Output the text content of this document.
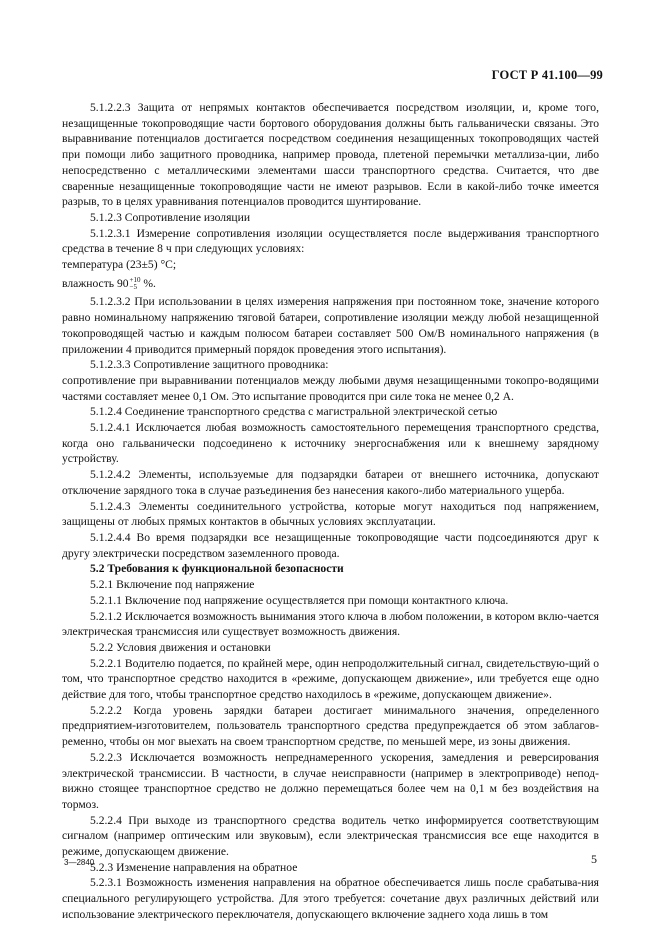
ГОСТ Р 41.100—99

5.1.2.2.3 Защита от непрямых контактов обеспечивается посредством изоляции, и, кроме того, незащищенные токопроводящие части бортового оборудования должны быть гальванически связаны. Это выравнивание потенциалов достигается посредством соединения незащищенных токопроводящих частей при помощи либо защитного проводника, например провода, плетеной перемычки металлиза-ции, либо непосредственно с металлическими элементами шасси транспортного средства. Считается, что две сваренные незащищенные токопроводящие части не имеют разрывов. Если в какой-либо точке имеется разрыв, то в целях уравнивания потенциалов проводится шунтирование.

5.1.2.3 Сопротивление изоляции

5.1.2.3.1 Измерение сопротивления изоляции осуществляется после выдерживания транспортного средства в течение 8 ч при следующих условиях:

температура (23±5) °С;

влажность 90 +10
−5 %.

5.1.2.3.2 При использовании в целях измерения напряжения при постоянном токе, значение которого равно номинальному напряжению тяговой батареи, сопротивление изоляции между любой незащищенной токопроводящей частью и каждым полюсом батареи составляет 500 Ом/В номинального напряжения (в приложении 4 приводится примерный порядок проведения этого испытания).

5.1.2.3.3 Сопротивление защитного проводника:

сопротивление при выравнивании потенциалов между любыми двумя незащищенными токопро-водящими частями составляет менее 0,1 Ом. Это испытание проводится при силе тока не менее 0,2 А.

5.1.2.4 Соединение транспортного средства с магистральной электрической сетью

5.1.2.4.1 Исключается любая возможность самостоятельного перемещения транспортного средства, когда оно гальванически подсоединено к источнику энергоснабжения или к внешнему зарядному устройству.

5.1.2.4.2 Элементы, используемые для подзарядки батареи от внешнего источника, допускают отключение зарядного тока в случае разъединения без нанесения какого-либо материального ущерба.

5.1.2.4.3 Элементы соединительного устройства, которые могут находиться под напряжением, защищены от любых прямых контактов в обычных условиях эксплуатации.

5.1.2.4.4 Во время подзарядки все незащищенные токопроводящие части подсоединяются друг к другу электрически посредством заземленного провода.

5.2 Требования к функциональной безопасности

5.2.1 Включение под напряжение

5.2.1.1 Включение под напряжение осуществляется при помощи контактного ключа.

5.2.1.2 Исключается возможность вынимания этого ключа в любом положении, в котором вклю-чается электрическая трансмиссия или существует возможность движения.

5.2.2 Условия движения и остановки

5.2.2.1 Водителю подается, по крайней мере, один непродолжительный сигнал, свидетельствую-щий о том, что транспортное средство находится в «режиме, допускающем движение», или требуется еще одно действие для того, чтобы транспортное средство находилось в «режиме, допускающем движение».

5.2.2.2 Когда уровень зарядки батареи достигает минимального значения, определенного предприятием-изготовителем, пользователь транспортного средства предупреждается об этом заблагов-ременно, чтобы он мог выехать на своем транспортном средстве, по меньшей мере, из зоны движения.

5.2.2.3 Исключается возможность непреднамеренного ускорения, замедления и реверсирования электрической трансмиссии. В частности, в случае неисправности (например в электроприводе) непод-вижно стоящее транспортное средство не должно перемещаться более чем на 0,1 м без воздействия на тормоз.

5.2.2.4 При выходе из транспортного средства водитель четко информируется соответствующим сигналом (например оптическим или звуковым), если электрическая трансмиссия все еще находится в режиме, допускающем движение.

5.2.3 Изменение направления на обратное

5.2.3.1 Возможность изменения направления на обратное обеспечивается лишь после срабатыва-ния специального регулирующего устройства. Для этого требуется: сочетание двух различных действий или использование электрического переключателя, допускающего включение заднего хода лишь в том

3—2840	5
